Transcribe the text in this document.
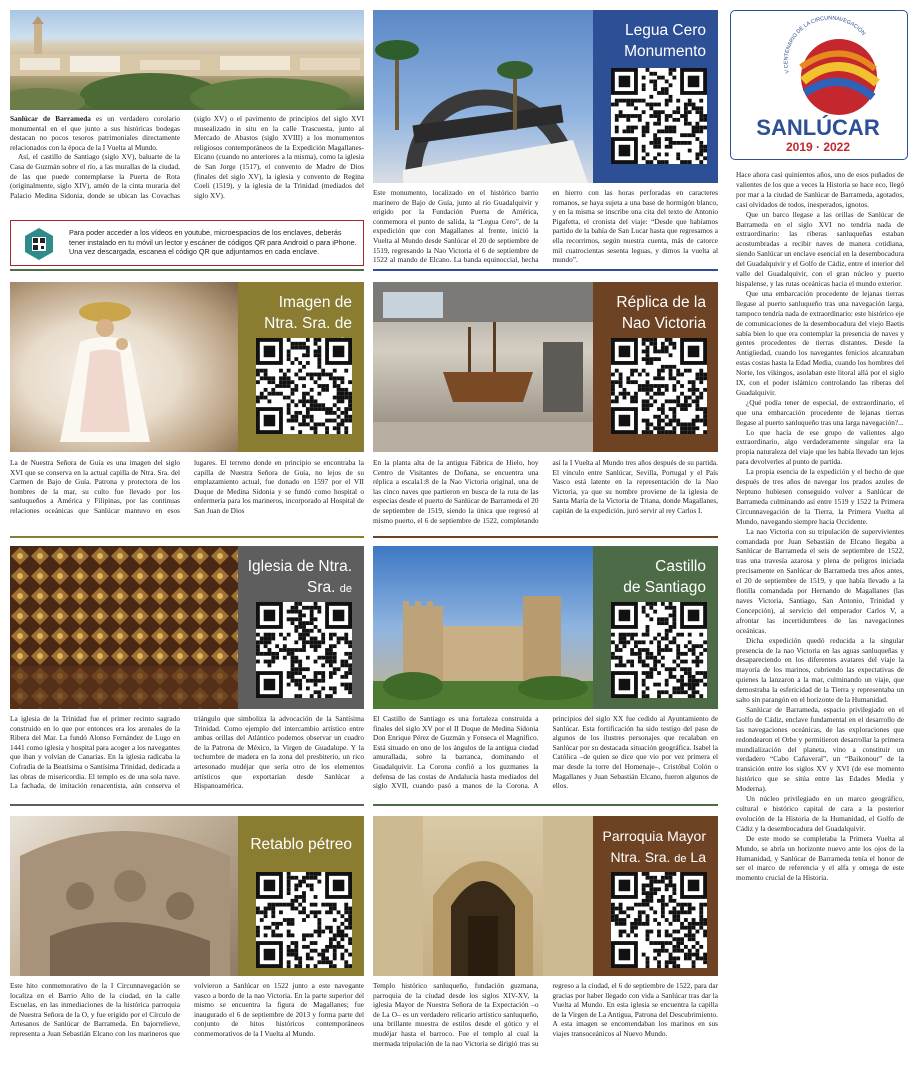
Sanlúcar de Barrameda es un verdadero corolario monumental en el que junto a sus históricas bodegas destacan no pocos tesoros patrimoniales directamente relacionados con la época de la I Vuelta al Mundo.

Así, el castillo de Santiago (siglo XV), baluarte de la Casa de Guzmán sobre el río, a las murallas de la ciudad, de las que puede contemplarse la Puerta de Rota (originalmente, siglo XIV), amén de la cinta muraria del Palacio Medina Sidonia, donde se ubican las Covachas (siglo XV) o el pavimento de principios del siglo XVI musealizado in situ en la calle Trascuesta, junto al Mercado de Abastos (siglo XVIII) a los monumentos religiosos contemporáneos de la Expedición Magallanes-Elcano (cuando no anteriores a la misma), como la iglesia de San Jorge (1517), el convento de Madre de Dios (finales del siglo XV), la iglesia y convento de Regina Coeli (1519), y la iglesia de la Trinidad (mediados del siglo XV).

Para poder acceder a los vídeos en youtube, microespacios de los enclaves, deberás tener instalado en tu móvil un lector y escáner de códigos QR para Android o para iPhone. Una vez descargada, escanea el código QR que adjuntamos en cada enclave.
Legua Cero
Monumento
Este monumento, localizado en el histórico barrio marinero de Bajo de Guía, junto al río Guadalquivir y erigido por la Fundación Puerta de América, conmemora el punto de salida, la “Legua Cero”, de la expedición que con Magallanes al frente, inició la Vuelta al Mundo desde Sanlúcar el 20 de septiembre de 1519, regresando la Nao Victoria el 6 de septiembre de 1522 al mando de Elcano. La banda equinoccial, hecha en hierro con las horas perforadas en caracteres romanos, se haya sujeta a una base de hormigón blanco, y en la misma se inscribe una cita del texto de Antonio Pigafetta, el cronista del viaje: “Desde que habíamos partido de la bahía de San Lucar hasta que regresamos a ella recorrimos, según nuestra cuenta, más de catorce mil cuatrocientas sesenta leguas, y dimos la vuelta al mundo”.
Imagen de
Ntra. Sra. de
La de Nuestra Señora de Guía es una imagen del siglo XVI que se conserva en la actual capilla de Ntra. Sra. del Carmen de Bajo de Guía. Patrona y protectora de los hombres de la mar, su culto fue llevado por los sanluqueños a América y Filipinas, por las continuas relaciones oceánicas que Sanlúcar mantuvo en esos lugares. El terreno donde en principio se encontraba la capilla de Nuestra Señora de Guía, no lejos de su emplazamiento actual, fue donado en 1597 por el VII Duque de Medina Sidonia y se fundó como hospital o enfermería para los marineros, incorporado al Hospital de San Juan de Dios
Réplica de la
Nao Victoria
En la planta alta de la antigua Fábrica de Hielo, hoy Centro de Visitantes de Doñana, se encuentra una réplica a escala1:8 de la Nao Victoria original, una de las cinco naves que partieron en busca de la ruta de las especias desde el puerto de Sanlúcar de Barrameda el 20 de septiembre de 1519, siendo la única que regresó al mismo puerto, el 6 de septiembre de 1522, completando así la I Vuelta al Mundo tres años después de su partida. El vínculo entre Sanlúcar, Sevilla, Portugal y el País Vasco está latente en la representación de la Nao Victoria, ya que su nombre proviene de la iglesia de Santa María de la Victoria de Triana, donde Magallanes, capitán de la expedición, juró servir al rey Carlos I.
Iglesia de Ntra.
Sra. de
La iglesia de la Trinidad fue el primer recinto sagrado construido en lo que por entonces era los arenales de la Ribera del Mar. La fundó Alonso Fernández de Lugo en 1441 como iglesia y hospital para acoger a los navegantes que iban y volvían de Canarias. En la iglesia radicaba la Cofradía de la Beatísima o Santísima Trinidad, dedicada a las obras de misericordia. El templo es de una sola nave. La fachada, de imitación renacentista, aún conserva el triángulo que simboliza la advocación de la Santísima Trinidad. Como ejemplo del intercambio artístico entre ambas orillas del Atlántico podemos observar un cuadro de la Patrona de México, la Virgen de Guadalupe. Y la techumbre de madera en la zona del presbiterio, un rico artesonado mudéjar que sería otro de los elementos artísticos que exportarían desde Sanlúcar a Hispanoamérica.
Castillo
de Santiago
El Castillo de Santiago es una fortaleza construida a finales del siglo XV por el II Duque de Medina Sidonia Don Enrique Pérez de Guzmán y Fonseca el Magnífico. Está situado en uno de los ángulos de la antigua ciudad amurallada, sobre la barranca, dominando el Guadalquivir. La Corona confió a los guzmanes la defensa de las costas de Andalucía hasta mediados del siglo XVII, cuando pasó a manos de la Corona. A principios del siglo XX fue cedido al Ayuntamiento de Sanlúcar. Esta fortificación ha sido testigo del paso de algunos de los ilustres personajes que recalaban en Sanlúcar por su destacada situación geográfica. Isabel la Católica –de quien se dice que vio por vez primera el mar desde la torre del Homenaje–, Cristóbal Colón o Magallanes y Juan Sebastián Elcano, fueron algunos de ellos.
Retablo pétreo
Este hito conmemorativo de la I Circunnavegación se localiza en el Barrio Alto de la ciudad, en la calle Escuelas, en las inmediaciones de la histórica parroquia de Nuestra Señora de la O, y fue erigido por el Círculo de Artesanos de Sanlúcar de Barrameda. En bajorrelieve, representa a Juan Sebastián Elcano con los marineros que volvieron a Sanlúcar en 1522 junto a este navegante vasco a bordo de la nao Victoria. En la parte superior del mismo se encuentra la figura de Magallanes; fue inaugurado el 6 de septiembre de 2013 y forma parte del conjunto de hitos históricos contemporáneos conmemorativos de la I Vuelta al Mundo.
Parroquia Mayor
Ntra. Sra. de La
Templo histórico sanluqueño, fundación guzmana, parroquia de la ciudad desde los siglos XIV-XV, la iglesia Mayor de Nuestra Señora de la Expectación –o de La O– es un verdadero relicario artístico sanluqueño, una brillante muestra de estilos desde el gótico y el mudéjar hasta el barroco. Fue el templo al cual la mermada tripulación de la nao Victoria se dirigió tras su regreso a la ciudad, el 6 de septiembre de 1522, para dar gracias por haber llegado con vida a Sanlúcar tras dar la Vuelta al Mundo. En esta iglesia se encuentra la capilla de la Virgen de La Antigua, Patrona del Descubrimiento. A esta imagen se encomendaban los marinos en sus viajes transoceánicos al Nuevo Mundo.
V CENTENARIO DE LA CIRCUNNAVEGACIÓN
SANLÚCAR
2019 · 2022

Hace ahora casi quinientos años, uno de esos puñados de valientes de los que a veces la Historia se hace eco, llegó por mar a la ciudad de Sanlúcar de Barrameda, agotados, casi olvidados de todos, inesperados, ignotos.

Que un barco llegase a las orillas de Sanlúcar de Barrameda en el siglo XVI no tendría nada de extraordinario: las riberas sanluqueñas estaban acostumbradas a recibir naves de manera cotidiana, siendo Sanlúcar un enclave esencial en la desembocadura del Guadalquivir y el Golfo de Cádiz, entre el interior del valle del Guadalquivir, con el gran núcleo y puerto hispalense, y las rutas oceánicas hacia el mundo exterior.

Que una embarcación procedente de lejanas tierras llegase al puerto sanluqueño tras una navegación larga, tampoco tendría nada de extraordinario: este histórico eje de comunicaciones de la desembocadura del viejo Baetis sabía bien lo que era contemplar la presencia de naves y gentes procedentes de tierras distantes. Desde la Antigüedad, cuando los navegantes fenicios alcanzaban estas costas hasta la Edad Media, cuando los hombres del Norte, los vikingos, asolaban este litoral allá por el siglo IX, con el poder islámico controlando las riberas del Guadalquivir.

¿Qué podía tener de especial, de extraordinario, el que una embarcación procedente de lejanas tierras llegase al puerto sanluqueño tras una larga navegación?...

Lo que hacía de ese grupo de valientes algo extraordinario, algo verdaderamente singular era la propia naturaleza del viaje que les había llevado tan lejos para devolverles al punto de partida.

La propia esencia de la expedición y el hecho de que después de tres años de navegar los prados azules de Neptuno hubiesen conseguido volver a Sanlúcar de Barrameda culminando así entre 1519 y 1522 la Primera Circunnavegación de la Tierra, la Primera Vuelta al Mundo, navegando siempre hacia Occidente.

La nao Victoria con su tripulación de supervivientes comandada por Juan Sebastián de Elcano llegaba a Sanlúcar de Barrameda el seis de septiembre de 1522, tras una travesía azarosa y plena de peligros iniciada precisamente en Sanlúcar de Barrameda tres años antes, el 20 de septiembre de 1519, y que había llevado a la flotilla comandada por Hernando de Magallanes (las naves Victoria, Santiago, San Antonio, Trinidad y Concepción), al servicio del emperador Carlos V, a afrontar las incertidumbres de las navegaciones oceánicas.

Dicha expedición quedó reducida a la singular presencia de la nao Victoria en las aguas sanluqueñas y desapareciendo en los diferentes avatares del viaje la mayoría de los marinos, cubriendo las expectativas de quienes la lanzaron a la mar, culminando un viaje, que demostraba la esfericidad de la Tierra y representaba un salto sin parangón en el horizonte de la Humanidad.

Sanlúcar de Barrameda, espacio privilegiado en el Golfo de Cádiz, enclave fundamental en el desarrollo de las navegaciones oceánicas, de las exploraciones que redondearon el Orbe y permitieron desarrollar la primera mundialización del planeta, vino a constituir un verdadero “Cabo Cañaveral”, un “Baikonour” de la transición entre los siglos XV y XVI (de ese momento histórico que se sitúa entre las Edades Media y Moderna).

Un núcleo privilegiado en un marco geográfico, cultural e histórico capital de cara a la posterior evolución de la Historia de la Humanidad, el Golfo de Cádiz y la desembocadura del Guadalquivir.

De este modo se completaba la Primera Vuelta al Mundo, se abría un horizonte nuevo ante los ojos de la Humanidad, y Sanlúcar de Barrameda tenía el honor de ser el marco de referencia y el alfa y omega de este momento crucial de la Historia.
